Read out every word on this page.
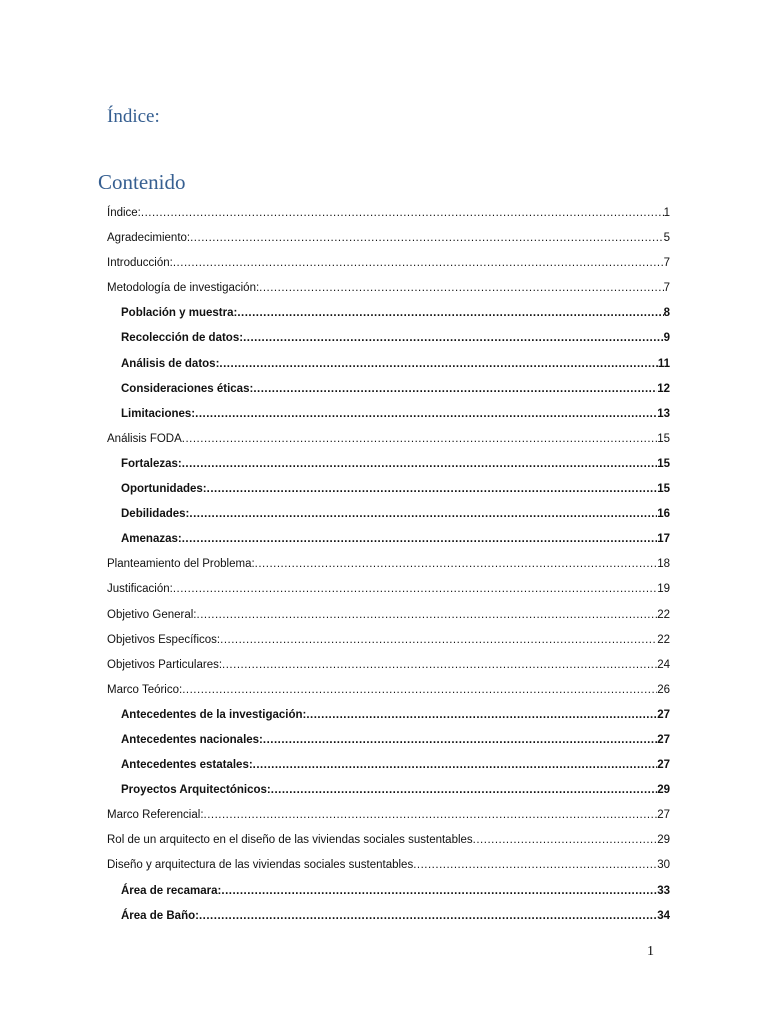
Índice:
Contenido
Índice: .....	1
Agradecimiento: .....	5
Introducción: .....	7
Metodología de investigación: .....	7
Población y muestra: .....	8
Recolección de datos: .....	9
Análisis de datos: .....	11
Consideraciones éticas: .....	12
Limitaciones: .....	13
Análisis FODA .....	15
Fortalezas: .....	15
Oportunidades: .....	15
Debilidades: .....	16
Amenazas: .....	17
Planteamiento del Problema: .....	18
Justificación: .....	19
Objetivo General: .....	22
Objetivos Específicos: .....	22
Objetivos Particulares: .....	24
Marco Teórico: .....	26
Antecedentes de la investigación: .....	27
Antecedentes nacionales: .....	27
Antecedentes estatales: .....	27
Proyectos Arquitectónicos: .....	29
Marco Referencial: .....	27
Rol de un arquitecto en el diseño de las viviendas sociales sustentables .....	29
Diseño y arquitectura de las viviendas sociales sustentables .....	30
Área de recamara: .....	33
Área de Baño: .....	34
1
